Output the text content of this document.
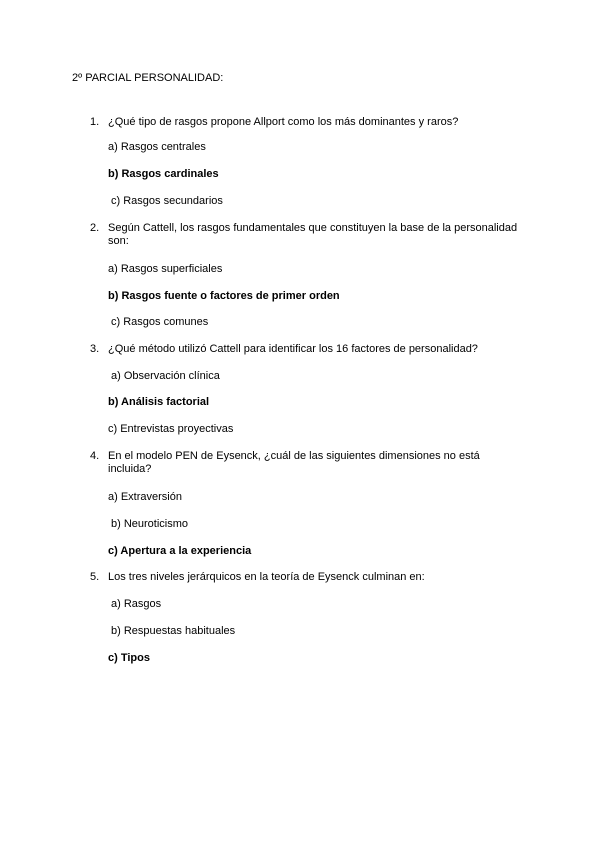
2º PARCIAL PERSONALIDAD:
1. ¿Qué tipo de rasgos propone Allport como los más dominantes y raros?
a) Rasgos centrales
b) Rasgos cardinales
c) Rasgos secundarios
2. Según Cattell, los rasgos fundamentales que constituyen la base de la personalidad son:
a) Rasgos superficiales
b) Rasgos fuente o factores de primer orden
c) Rasgos comunes
3. ¿Qué método utilizó Cattell para identificar los 16 factores de personalidad?
a) Observación clínica
b) Análisis factorial
c) Entrevistas proyectivas
4. En el modelo PEN de Eysenck, ¿cuál de las siguientes dimensiones no está incluida?
a) Extraversión
b) Neuroticismo
c) Apertura a la experiencia
5. Los tres niveles jerárquicos en la teoría de Eysenck culminan en:
a) Rasgos
b) Respuestas habituales
c) Tipos
